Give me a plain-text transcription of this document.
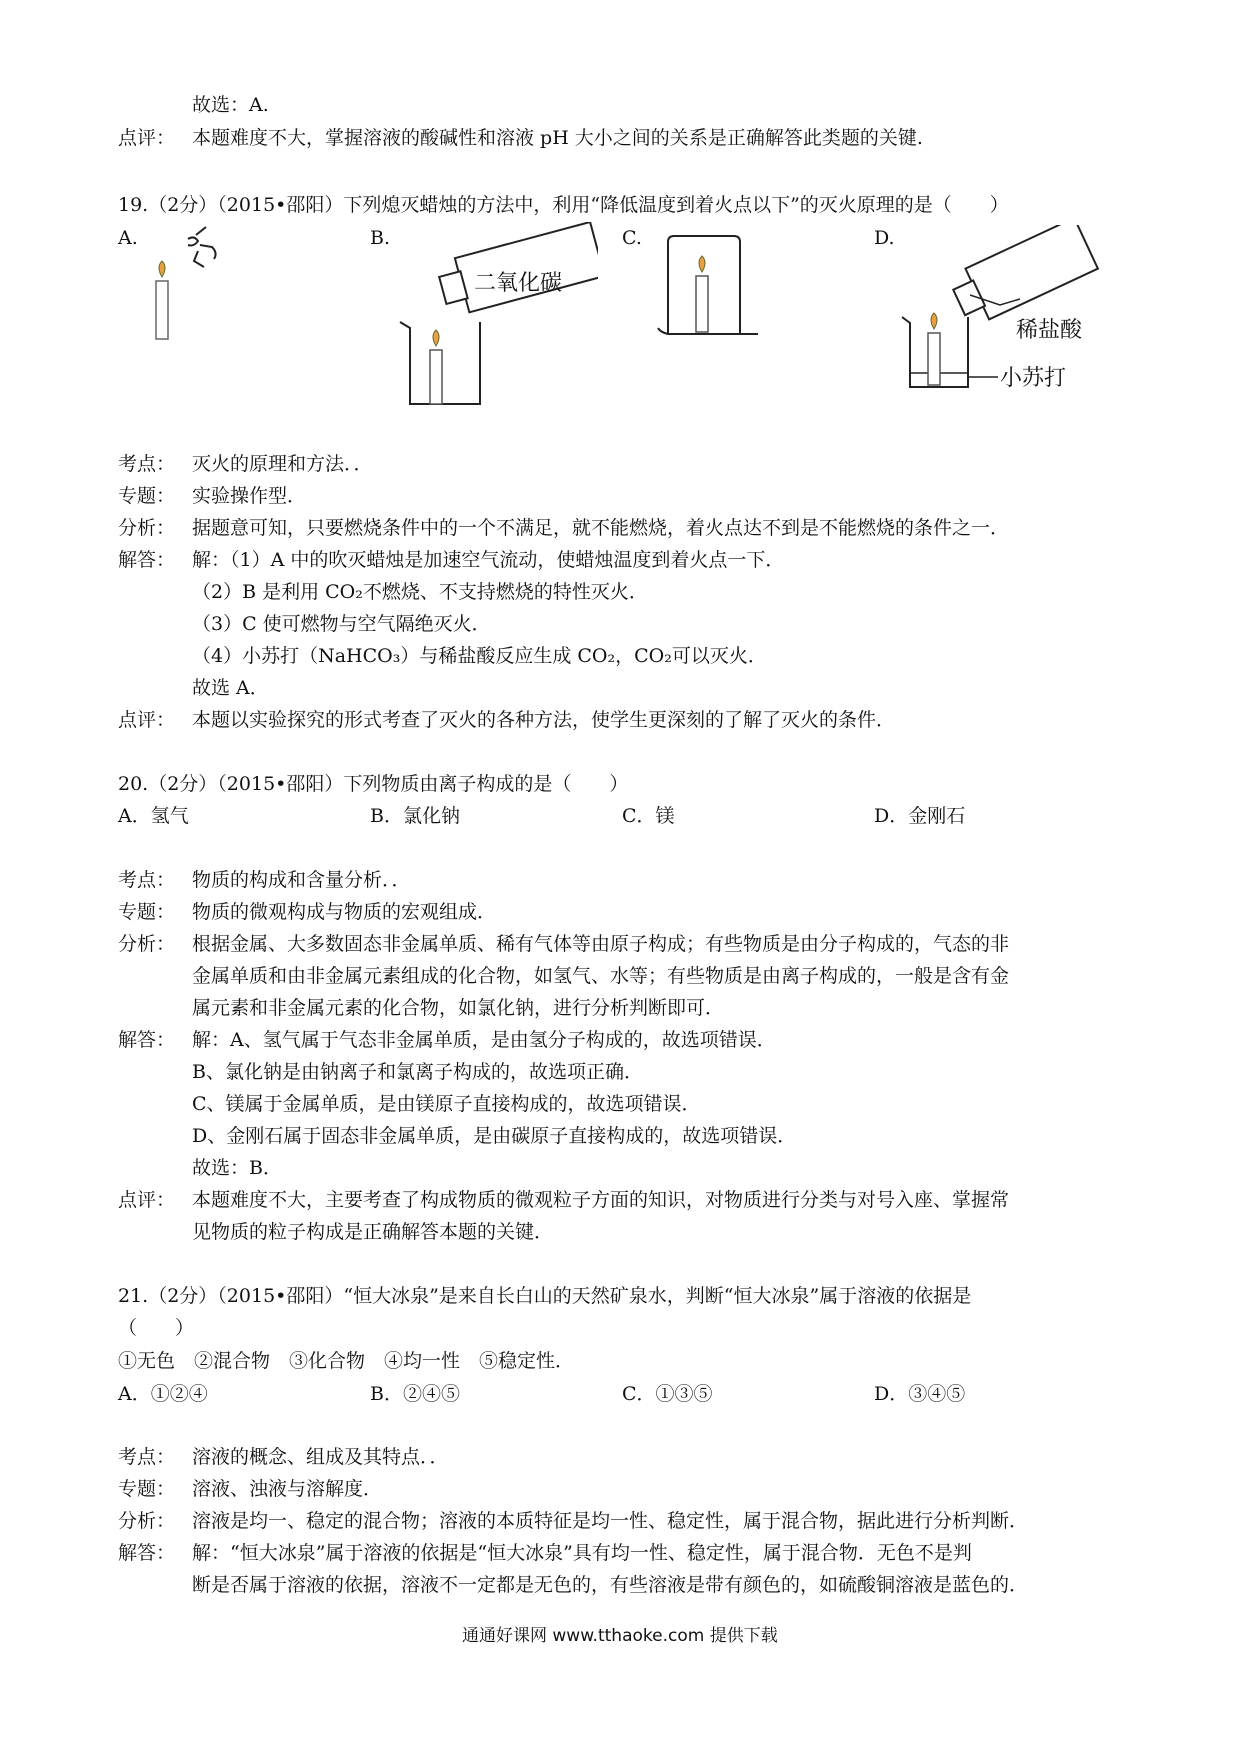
故选：A.
点评： 本题难度不大，掌握溶液的酸碱性和溶液 pH 大小之间的关系是正确解答此类题的关键.
19.（2分）（2015•邵阳）下列熄灭蜡烛的方法中，利用“降低温度到着火点以下”的灭火原理的是（　　）
A.	B.	C.	D.
二氧化碳
稀盐酸
小苏打
考点： 灭火的原理和方法．．
专题： 实验操作型．
分析： 据题意可知，只要燃烧条件中的一个不满足，就不能燃烧，着火点达不到是不能燃烧的条件之一．
解答： 解：（1）A 中的吹灭蜡烛是加速空气流动，使蜡烛温度到着火点一下．
（2）B 是利用 CO₂不燃烧、不支持燃烧的特性灭火．
（3）C 使可燃物与空气隔绝灭火．
（4）小苏打（NaHCO₃）与稀盐酸反应生成 CO₂，CO₂可以灭火．
故选 A．
点评： 本题以实验探究的形式考查了灭火的各种方法，使学生更深刻的了解了灭火的条件．
20.（2分）（2015•邵阳）下列物质由离子构成的是（　　）
A．氢气	B．氯化钠	C．镁	D．金刚石
考点： 物质的构成和含量分析．．
专题： 物质的微观构成与物质的宏观组成．
分析： 根据金属、大多数固态非金属单质、稀有气体等由原子构成；有些物质是由分子构成的，气态的非
金属单质和由非金属元素组成的化合物，如氢气、水等；有些物质是由离子构成的，一般是含有金
属元素和非金属元素的化合物，如氯化钠，进行分析判断即可．
解答： 解：A、氢气属于气态非金属单质，是由氢分子构成的，故选项错误．
B、氯化钠是由钠离子和氯离子构成的，故选项正确．
C、镁属于金属单质，是由镁原子直接构成的，故选项错误．
D、金刚石属于固态非金属单质，是由碳原子直接构成的，故选项错误．
故选：B．
点评： 本题难度不大，主要考查了构成物质的微观粒子方面的知识，对物质进行分类与对号入座、掌握常
见物质的粒子构成是正确解答本题的关键．
21.（2分）（2015•邵阳）“恒大冰泉”是来自长白山的天然矿泉水，判断“恒大冰泉”属于溶液的依据是
（　　）
①无色　②混合物　③化合物　④均一性　⑤稳定性．
A．①②④	B．②④⑤	C．①③⑤	D．③④⑤
考点： 溶液的概念、组成及其特点．．
专题： 溶液、浊液与溶解度．
分析： 溶液是均一、稳定的混合物；溶液的本质特征是均一性、稳定性，属于混合物，据此进行分析判断．
解答： 解：“恒大冰泉”属于溶液的依据是“恒大冰泉”具有均一性、稳定性，属于混合物．无色不是判
断是否属于溶液的依据，溶液不一定都是无色的，有些溶液是带有颜色的，如硫酸铜溶液是蓝色的．
通通好课网 www.tthaoke.com 提供下载
